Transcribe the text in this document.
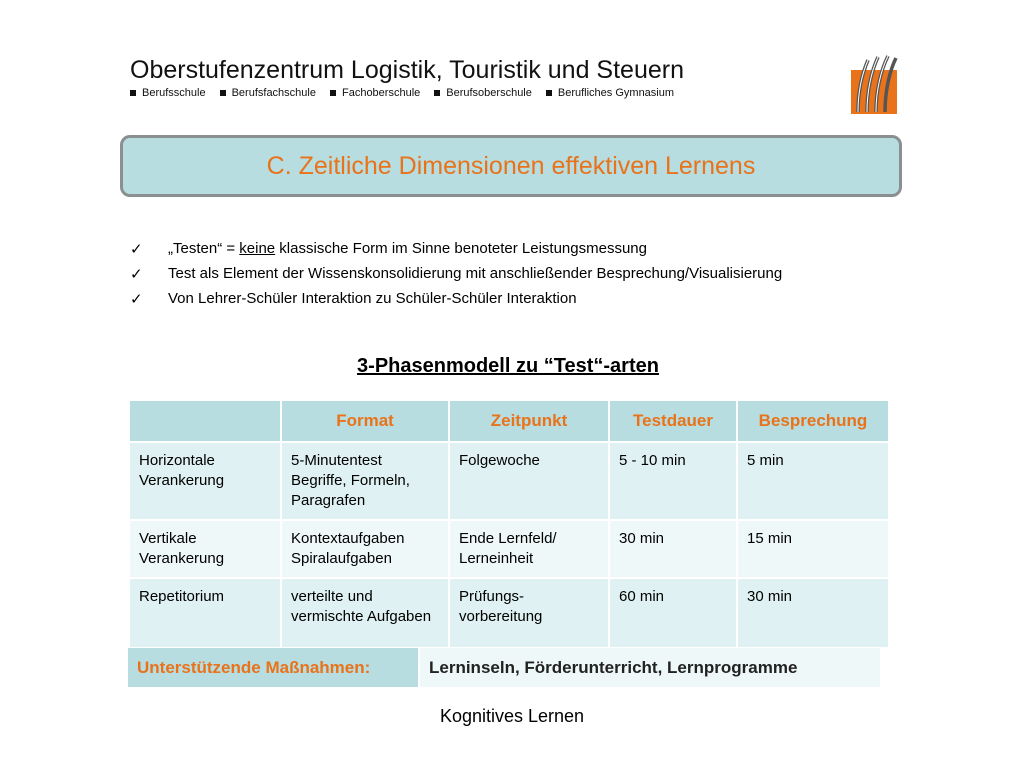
Oberstufenzentrum Logistik, Touristik und Steuern
Berufsschule Berufsfachschule Fachoberschule Berufsoberschule Berufliches Gymnasium
C. Zeitliche Dimensionen effektiven Lernens
✓	„Testen“ = keine klassische Form im Sinne benoteter Leistungsmessung
✓	Test als Element der Wissenskonsolidierung mit anschließender Besprechung/Visualisierung
✓	Von Lehrer-Schüler Interaktion zu Schüler-Schüler Interaktion
3-Phasenmodell zu “Test“-arten
	Format	Zeitpunkt	Testdauer	Besprechung
Horizontale Verankerung	5-Minutentest Begriffe, Formeln, Paragrafen	Folgewoche	5 - 10 min	5 min
Vertikale Verankerung	Kontextaufgaben Spiralaufgaben	Ende Lernfeld/ Lerneinheit	30 min	15 min
Repetitorium	verteilte und vermischte Aufgaben	Prüfungs-vorbereitung	60 min	30 min
Unterstützende Maßnahmen:	Lerninseln, Förderunterricht, Lernprogramme
Kognitives Lernen
